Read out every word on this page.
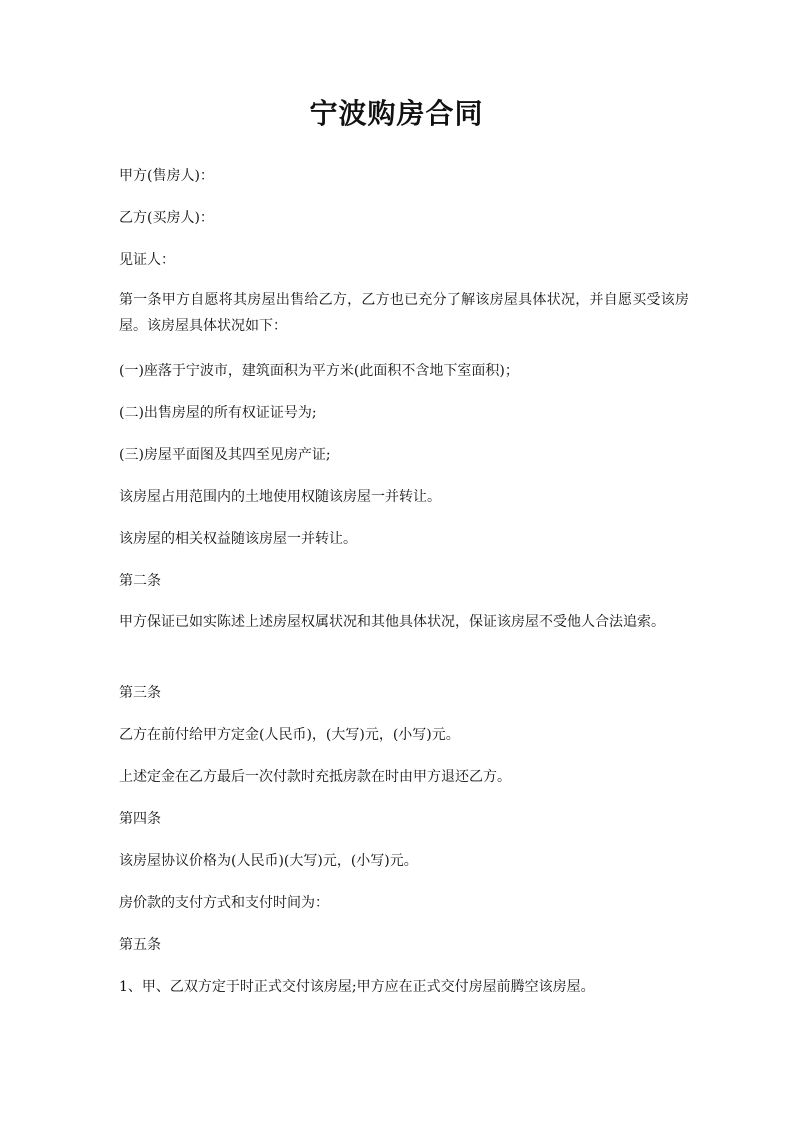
宁波购房合同
甲方(售房人)：
乙方(买房人)：
见证人：
第一条甲方自愿将其房屋出售给乙方，乙方也已充分了解该房屋具体状况，并自愿买受该房屋。该房屋具体状况如下：
(一)座落于宁波市，建筑面积为平方米(此面积不含地下室面积)；
(二)出售房屋的所有权证证号为;
(三)房屋平面图及其四至见房产证;
该房屋占用范围内的土地使用权随该房屋一并转让。
该房屋的相关权益随该房屋一并转让。
第二条
甲方保证已如实陈述上述房屋权属状况和其他具体状况，保证该房屋不受他人合法追索。
第三条
乙方在前付给甲方定金(人民币)，(大写)元，(小写)元。
上述定金在乙方最后一次付款时充抵房款在时由甲方退还乙方。
第四条
该房屋协议价格为(人民币)(大写)元，(小写)元。
房价款的支付方式和支付时间为：
第五条
1、甲、乙双方定于时正式交付该房屋;甲方应在正式交付房屋前腾空该房屋。
